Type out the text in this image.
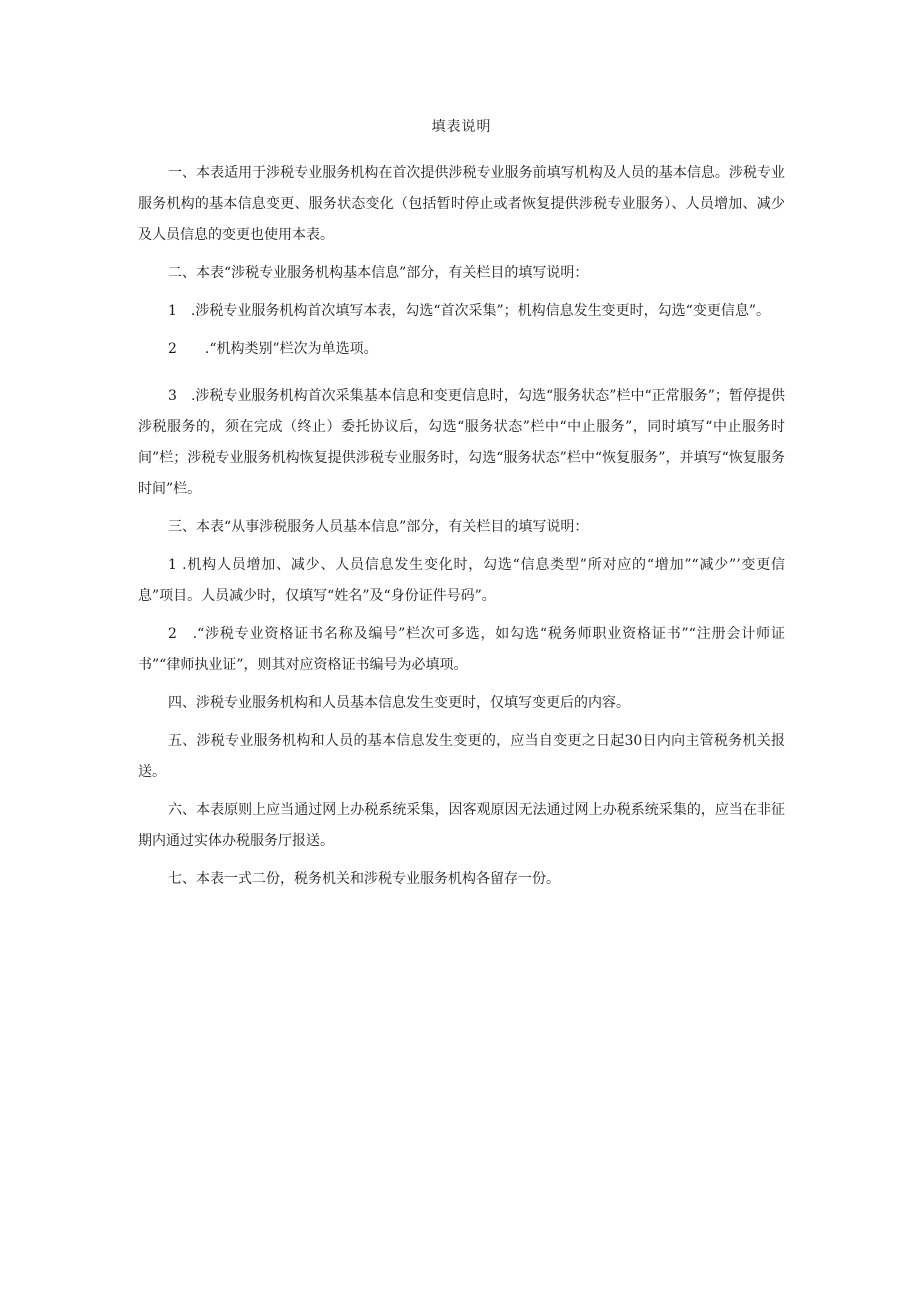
填表说明

一、本表适用于涉税专业服务机构在首次提供涉税专业服务前填写机构及人员的基本信息。涉税专业服务机构的基本信息变更、服务状态变化（包括暂时停止或者恢复提供涉税专业服务）、人员增加、减少及人员信息的变更也使用本表。

二、本表“涉税专业服务机构基本信息”部分，有关栏目的填写说明：

1　.涉税专业服务机构首次填写本表，勾选“首次采集”；机构信息发生变更时，勾选“变更信息”。

2　　.“机构类别”栏次为单选项。

3　.涉税专业服务机构首次采集基本信息和变更信息时，勾选“服务状态”栏中“正常服务”；暂停提供涉税服务的，须在完成（终止）委托协议后，勾选“服务状态”栏中“中止服务”，同时填写“中止服务时间”栏；涉税专业服务机构恢复提供涉税专业服务时，勾选“服务状态”栏中“恢复服务”，并填写“恢复服务时间”栏。

三、本表“从事涉税服务人员基本信息”部分，有关栏目的填写说明：

1 .机构人员增加、减少、人员信息发生变化时，勾选“信息类型”所对应的“增加”“减少”’变更信息”项目。人员减少时，仅填写“姓名”及“身份证件号码”。

2　.“涉税专业资格证书名称及编号”栏次可多选，如勾选“税务师职业资格证书”“注册会计师证书”“律师执业证”，则其对应资格证书编号为必填项。

四、涉税专业服务机构和人员基本信息发生变更时，仅填写变更后的内容。

五、涉税专业服务机构和人员的基本信息发生变更的，应当自变更之日起30日内向主管税务机关报送。

六、本表原则上应当通过网上办税系统采集，因客观原因无法通过网上办税系统采集的，应当在非征期内通过实体办税服务厅报送。

七、本表一式二份，税务机关和涉税专业服务机构各留存一份。
